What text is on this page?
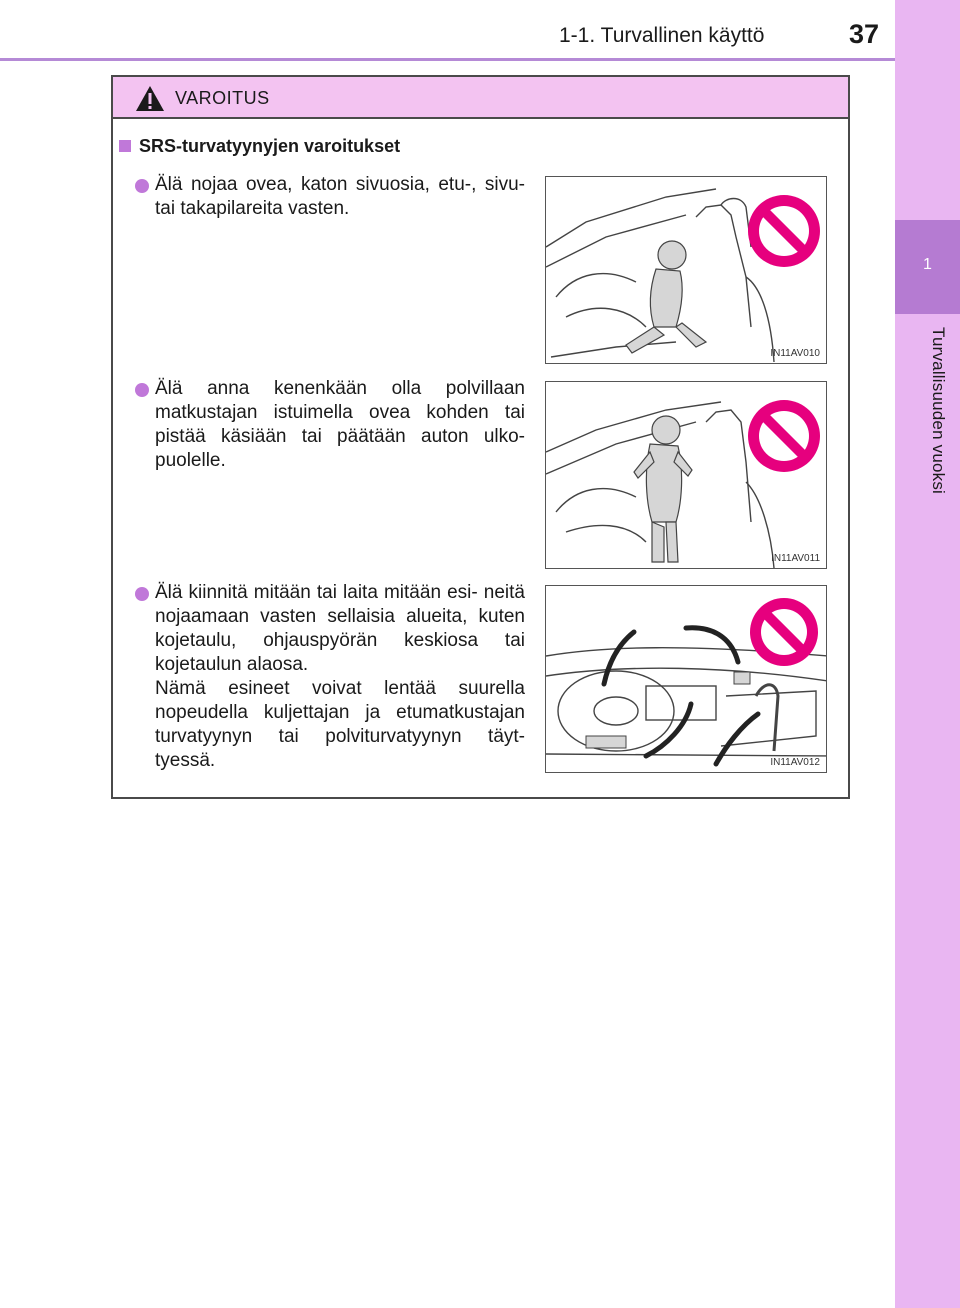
1-1. Turvallinen käyttö	37
1
Turvallisuuden vuoksi
VAROITUS
SRS-turvatyynyjen varoitukset
Älä nojaa ovea, katon sivuosia, etu-, sivu- tai takapilareita vasten.
IN11AV010
Älä anna kenenkään olla polvillaan matkustajan istuimella ovea kohden tai pistää käsiään tai päätään auton ulko- puolelle.
IN11AV011
Älä kiinnitä mitään tai laita mitään esi- neitä nojaamaan vasten sellaisia alueita, kuten kojetaulu, ohjauspyörän keskiosa tai kojetaulun alaosa.
Nämä esineet voivat lentää suurella nopeudella kuljettajan ja etumatkustajan turvatyynyn tai polviturvatyynyn täyt- tyessä.	IN11AV012
